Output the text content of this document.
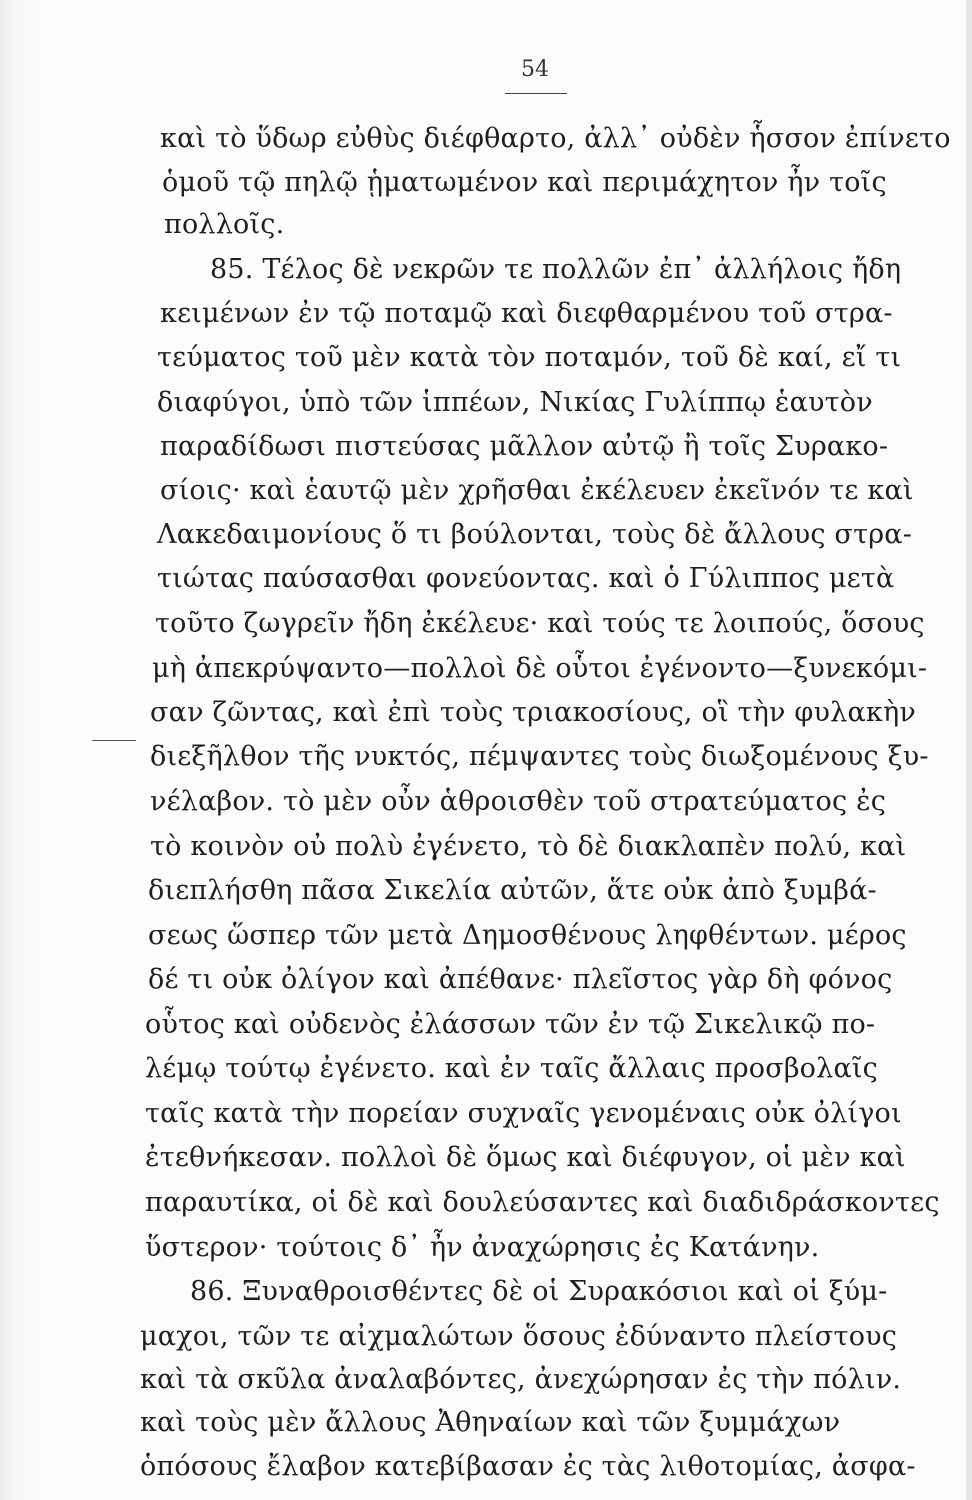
54
καὶ τὸ ὕδωρ εὐθὺς διέφθαρτο, ἀλλ᾽ οὐδὲν ἧσσον ἐπίνετο
ὁμοῦ τῷ πηλῷ ᾑματωμένον καὶ περιμάχητον ἦν τοῖς
πολλοῖς.
85. Τέλος δὲ νεκρῶν τε πολλῶν ἐπ᾽ ἀλλήλοις ἤδη
κειμένων ἐν τῷ ποταμῷ καὶ διεφθαρμένου τοῦ στρα-
τεύματος τοῦ μὲν κατὰ τὸν ποταμόν, τοῦ δὲ καί, εἴ τι
διαφύγοι, ὑπὸ τῶν ἱππέων, Νικίας Γυλίππῳ ἑαυτὸν
παραδίδωσι πιστεύσας μᾶλλον αὐτῷ ἢ τοῖς Συρακο-
σίοις· καὶ ἑαυτῷ μὲν χρῆσθαι ἐκέλευεν ἐκεῖνόν τε καὶ
Λακεδαιμονίους ὅ τι βούλονται, τοὺς δὲ ἄλλους στρα-
τιώτας παύσασθαι φονεύοντας. καὶ ὁ Γύλιππος μετὰ
τοῦτο ζωγρεῖν ἤδη ἐκέλευε· καὶ τούς τε λοιπούς, ὅσους
μὴ ἀπεκρύψαντο—πολλοὶ δὲ οὗτοι ἐγένοντο—ξυνεκόμι-
σαν ζῶντας, καὶ ἐπὶ τοὺς τριακοσίους, οἳ τὴν φυλακὴν
διεξῆλθον τῆς νυκτός, πέμψαντες τοὺς διωξομένους ξυ-
νέλαβον. τὸ μὲν οὖν ἁθροισθὲν τοῦ στρατεύματος ἐς
τὸ κοινὸν οὐ πολὺ ἐγένετο, τὸ δὲ διακλαπὲν πολύ, καὶ
διεπλήσθη πᾶσα Σικελία αὐτῶν, ἅτε οὐκ ἀπὸ ξυμβά-
σεως ὥσπερ τῶν μετὰ Δημοσθένους ληφθέντων. μέρος
δέ τι οὐκ ὀλίγον καὶ ἀπέθανε· πλεῖστος γὰρ δὴ φόνος
οὗτος καὶ οὐδενὸς ἐλάσσων τῶν ἐν τῷ Σικελικῷ πο-
λέμῳ τούτῳ ἐγένετο. καὶ ἐν ταῖς ἄλλαις προσβολαῖς
ταῖς κατὰ τὴν πορείαν συχναῖς γενομέναις οὐκ ὀλίγοι
ἐτεθνήκεσαν. πολλοὶ δὲ ὅμως καὶ διέφυγον, οἱ μὲν καὶ
παραυτίκα, οἱ δὲ καὶ δουλεύσαντες καὶ διαδιδράσκοντες
ὕστερον· τούτοις δ᾽ ἦν ἀναχώρησις ἐς Κατάνην.
86. Ξυναθροισθέντες δὲ οἱ Συρακόσιοι καὶ οἱ ξύμ-
μαχοι, τῶν τε αἰχμαλώτων ὅσους ἐδύναντο πλείστους
καὶ τὰ σκῦλα ἀναλαβόντες, ἀνεχώρησαν ἐς τὴν πόλιν.
καὶ τοὺς μὲν ἄλλους Ἀθηναίων καὶ τῶν ξυμμάχων
ὁπόσους ἔλαβον κατεβίβασαν ἐς τὰς λιθοτομίας, ἀσφα-
